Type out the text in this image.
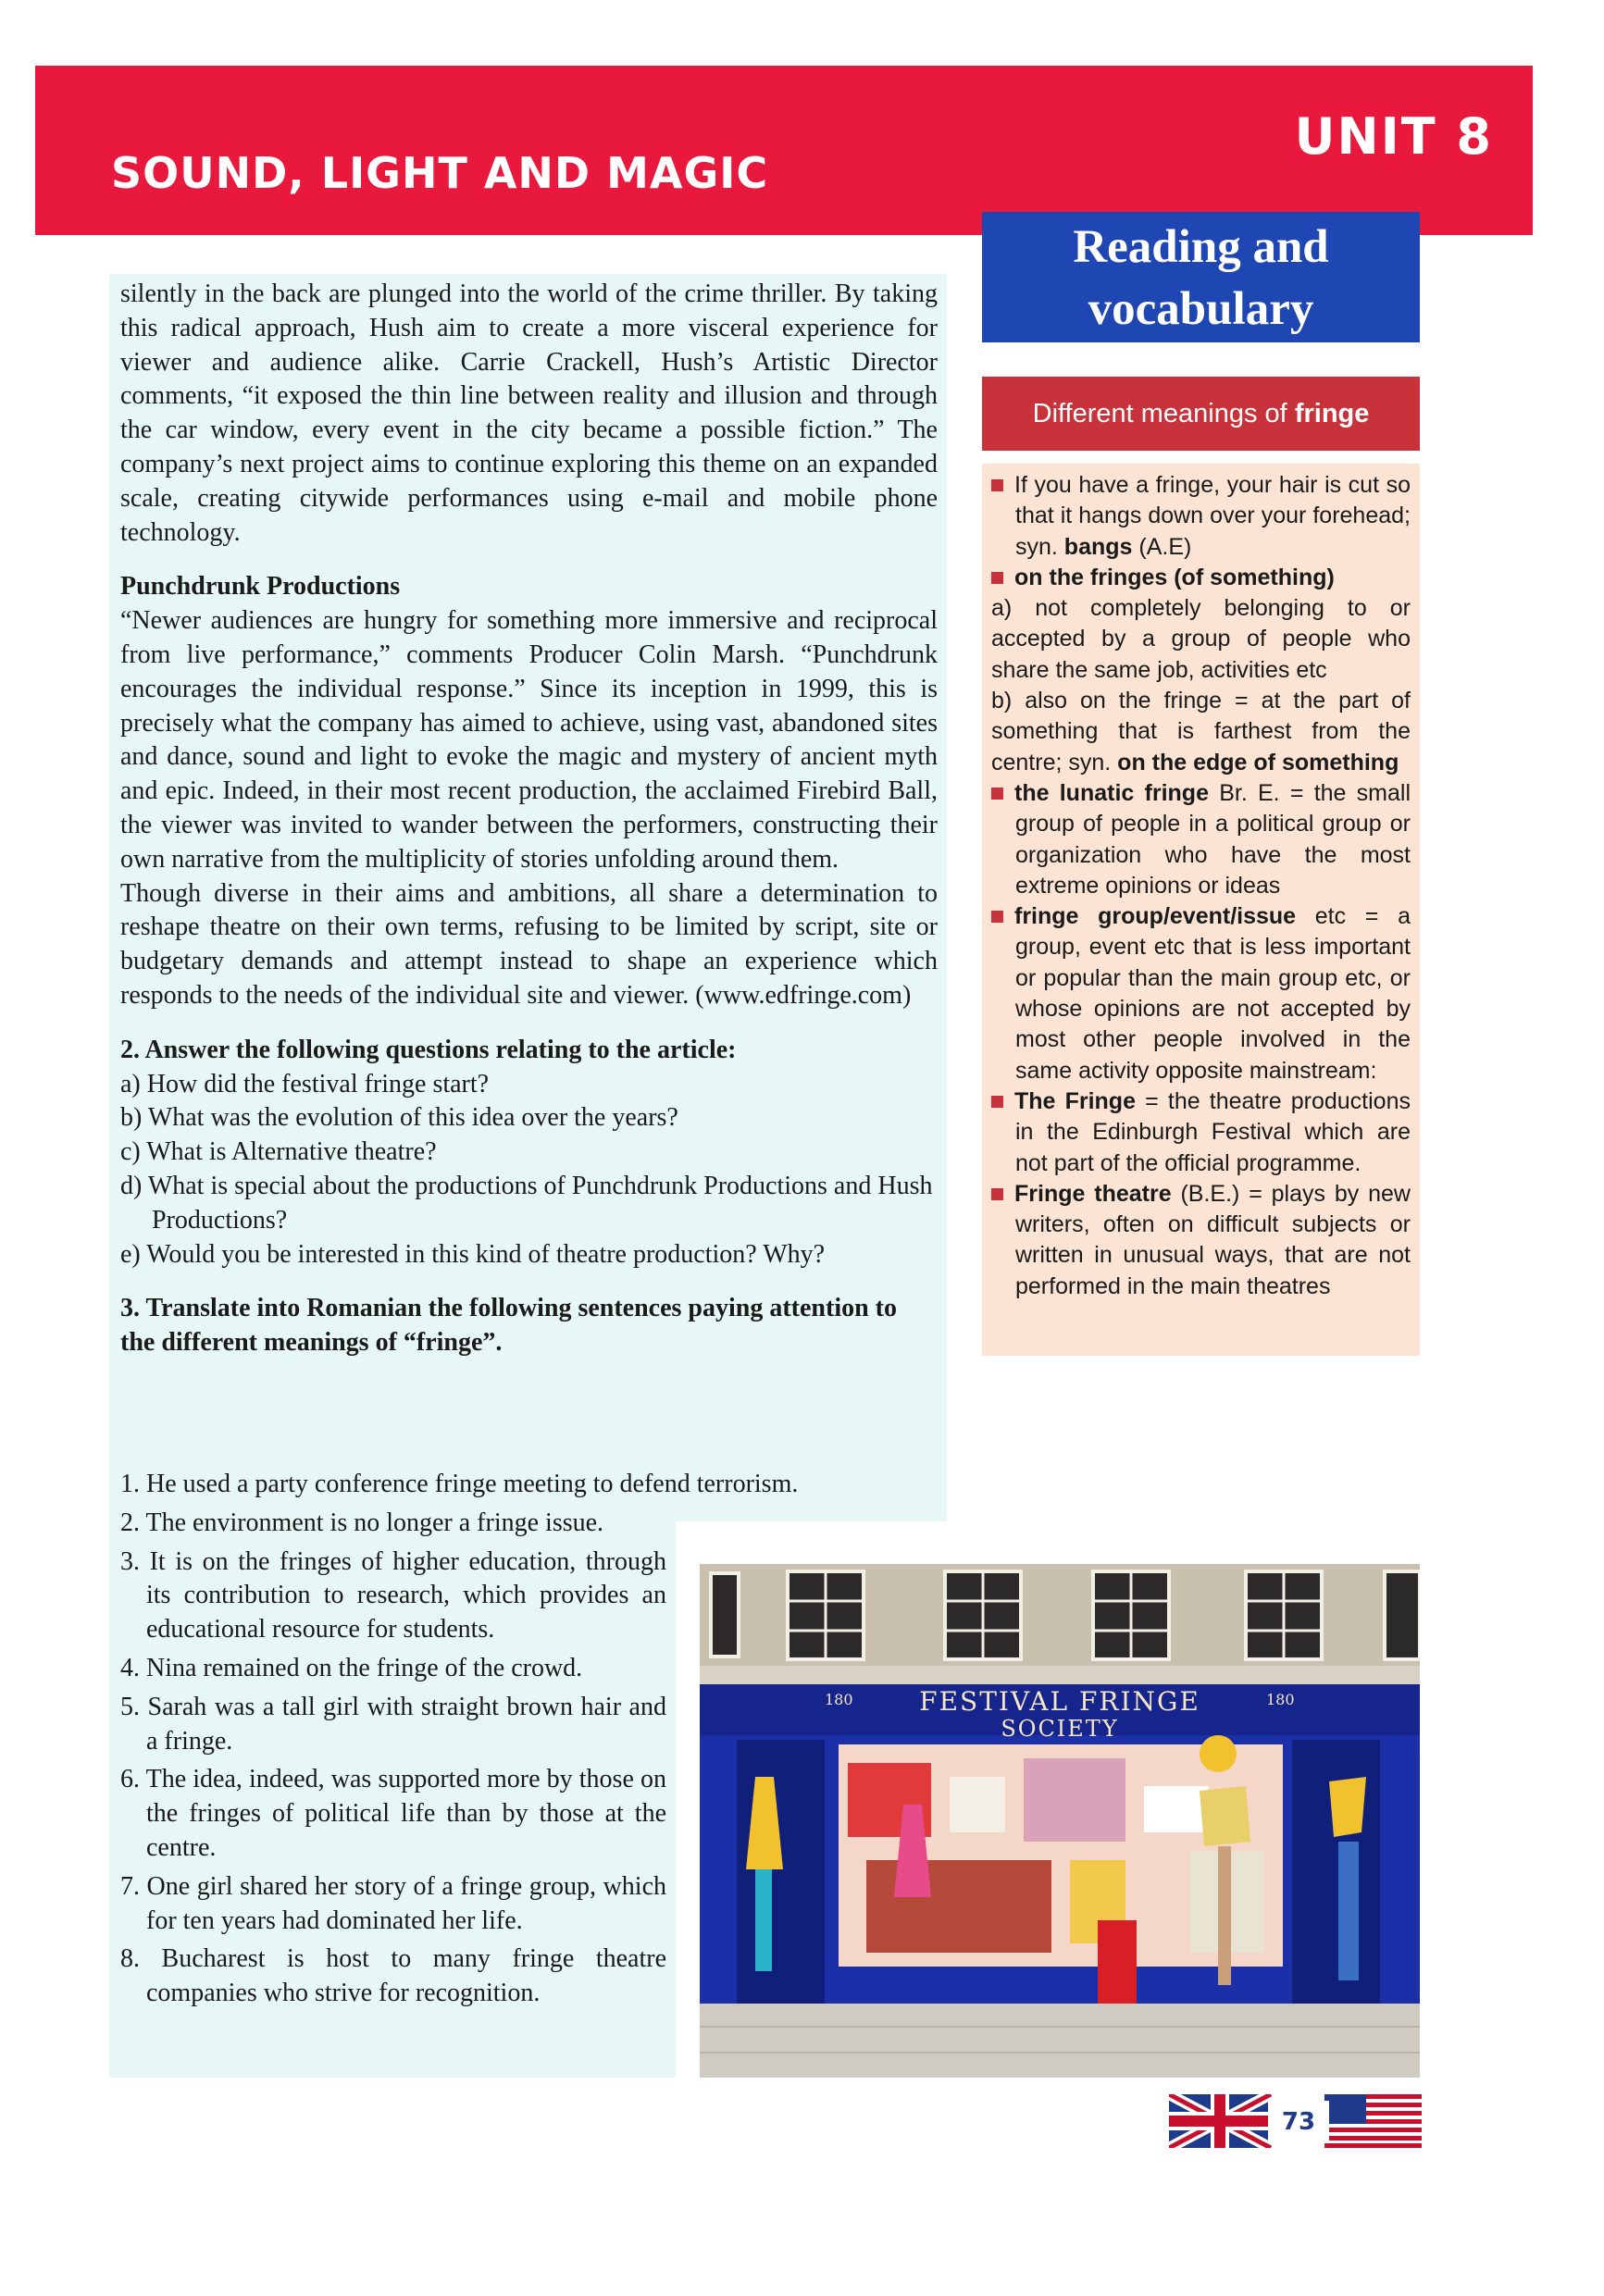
UNIT 8
SOUND, LIGHT AND MAGIC
Reading and
vocabulary

silently in the back are plunged into the world of the crime thriller. By taking this radical approach, Hush aim to create a more visceral experience for viewer and audience alike. Carrie Crackell, Hush’s Artistic Director comments, “it exposed the thin line between reality and illusion and through the car window, every event in the city became a possible fiction.” The company’s next project aims to continue exploring this theme on an expanded scale, creating citywide performances using e-mail and mobile phone technology.

Punchdrunk Productions

“Newer audiences are hungry for something more immersive and reciprocal from live performance,” comments Producer Colin Marsh. “Punchdrunk encourages the individual response.” Since its inception in 1999, this is precisely what the company has aimed to achieve, using vast, abandoned sites and dance, sound and light to evoke the magic and mystery of ancient myth and epic. Indeed, in their most recent production, the acclaimed Firebird Ball, the viewer was invited to wander between the performers, constructing their own narrative from the multiplicity of stories unfolding around them.

Though diverse in their aims and ambitions, all share a determination to reshape theatre on their own terms, refusing to be limited by script, site or budgetary demands and attempt instead to shape an experience which responds to the needs of the individual site and viewer. (www.edfringe.com)

2. Answer the following questions relating to the article:

a) How did the festival fringe start?

b) What was the evolution of this idea over the years?

c) What is Alternative theatre?

d) What is special about the productions of Punchdrunk Productions and Hush Productions?

e) Would you be interested in this kind of theatre production? Why?

3. Translate into Romanian the following sentences paying attention to the different meanings of “fringe”.

1. He used a party conference fringe meeting to defend terrorism.
2. The environment is no longer a fringe issue.
3. It is on the fringes of higher education, through its contribution to research, which provides an educational resource for students.
4. Nina remained on the fringe of the crowd.
5. Sarah was a tall girl with straight brown hair and a fringe.
6. The idea, indeed, was supported more by those on the fringes of political life than by those at the centre.
7. One girl shared her story of a fringe group, which for ten years had dominated her life.
8. Bucharest is host to many fringe theatre companies who strive for recognition.
Different meanings of fringe
If you have a fringe, your hair is cut so that it hangs down over your forehead; syn. bangs (A.E)
on the fringes (of something)
a) not completely belonging to or accepted by a group of people who share the same job, activities etc
b) also on the fringe = at the part of something that is farthest from the centre; syn. on the edge of something
the lunatic fringe Br. E. = the small group of people in a political group or organization who have the most extreme opinions or ideas
fringe group/event/issue etc = a group, event etc that is less important or popular than the main group etc, or whose opinions are not accepted by most other people involved in the same activity opposite mainstream:
The Fringe = the theatre productions in the Edinburgh Festival which are not part of the official programme.
Fringe theatre (B.E.) = plays by new writers, often on difficult subjects or written in unusual ways, that are not performed in the main theatres
FESTIVAL FRINGE
SOCIETY
180	180
73
